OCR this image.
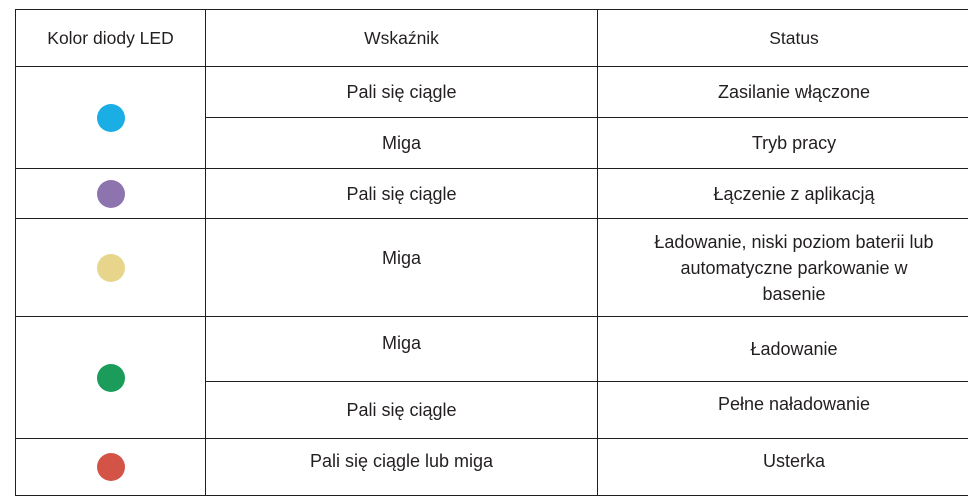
Kolor diody LED	Wskaźnik	Status
	Pali się ciągle	Zasilanie włączone
	Miga	Tryb pracy
	Pali się ciągle	Łączenie z aplikacją
	Miga	Ładowanie, niski poziom baterii lub automatyczne parkowanie w basenie

	Miga	Ładowanie
	Pali się ciągle	Pełne naładowanie
	Pali się ciągle lub miga	Usterka
